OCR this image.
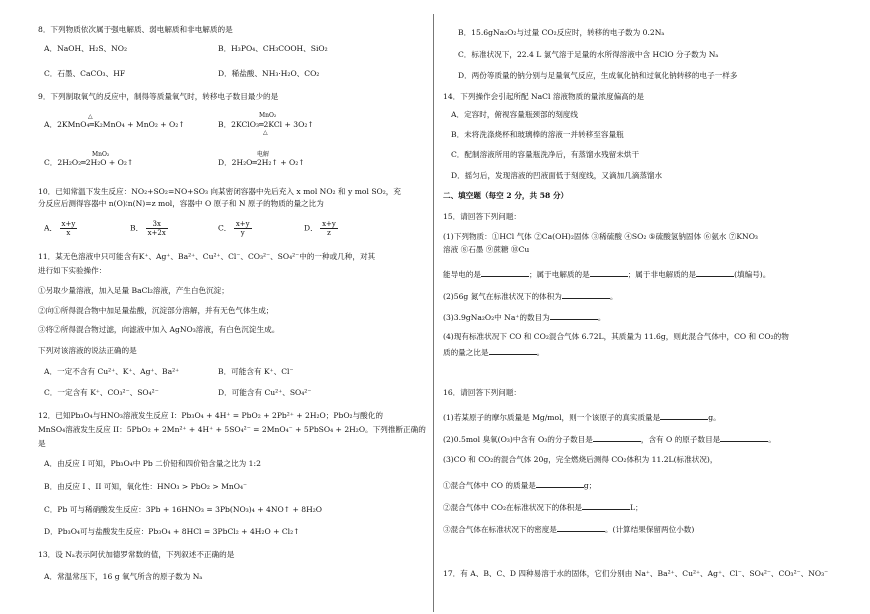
8．下列物质依次属于强电解质、弱电解质和非电解质的是
A．NaOH、H₂S、NO₂	B．H₃PO₄、CH₃COOH、SiO₂
C．石墨、CaCO₃、HF	D．稀盐酸、NH₃·H₂O、CO₂
9．下列制取氧气的反应中，制得等质量氧气时，转移电子数目最少的是
A．2KMnO₄═K₂MnO₄ + MnO₂ + O₂↑
△
B．2KClO₃═2KCl + 3O₂↑
MnO₂
△
C．2H₂O₂═2H₂O + O₂↑
MnO₂
D．2H₂O═2H₂↑ + O₂↑
电解
10．已知常温下发生反应：NO₂+SO₂=NO+SO₃ 向某密闭容器中先后充入 x mol NO₂ 和 y mol SO₂，充
分反应后测得容器中 n(O)∶n(N)=z mol，容器中 O 原子和 N 原子的物质的量之比为
A． $\frac{x+y}{x}$	B． $\frac{3x}{x+2x}$	C． $\frac{x+y}{y}$	D． $\frac{x+y}{z}$
11．某无色溶液中只可能含有K⁺、Ag⁺、Ba²⁺、Cu²⁺、Cl⁻、CO₃²⁻、SO₄²⁻中的一种或几种，对其
进行如下实验操作：
①另取少量溶液，加入足量 BaCl₂溶液，产生白色沉淀；
②向①所得混合物中加足量盐酸，沉淀部分溶解，并有无色气体生成；
③将②所得混合物过滤，向滤液中加入 AgNO₃溶液，有白色沉淀生成。
下列对该溶液的说法正确的是
A．一定不含有 Cu²⁺、K⁺、Ag⁺、Ba²⁺	B．可能含有 K⁺、Cl⁻
C．一定含有 K⁺、CO₃²⁻、SO₄²⁻	D．可能含有 Cu²⁺、SO₄²⁻
12．已知Pb₃O₄与HNO₃溶液发生反应 I：Pb₃O₄ + 4H⁺ = PbO₂ + 2Pb²⁺ + 2H₂O；PbO₂与酸化的
MnSO₄溶液发生反应 II：5PbO₂ + 2Mn²⁺ + 4H⁺ + 5SO₄²⁻ = 2MnO₄⁻ + 5PbSO₄ + 2H₂O。下列推断正确的
是
A．由反应 I 可知，Pb₃O₄中 Pb 二价铅和四价铅含量之比为 1:2
B．由反应 I 、II 可知，氧化性：HNO₃ > PbO₂ > MnO₄⁻
C．Pb 可与稀硝酸发生反应：3Pb + 16HNO₃ = 3Pb(NO₃)₄ + 4NO↑ + 8H₂O
D．Pb₃O₄可与盐酸发生反应：Pb₃O₄ + 8HCl = 3PbCl₂ + 4H₂O + Cl₂↑
13．设 Nₐ表示阿伏加德罗常数的值，下列叙述不正确的是
A．常温常压下，16 g 氧气所含的原子数为 Nₐ
B．15.6gNa₂O₂与过量 CO₂反应时，转移的电子数为 0.2Nₐ
C．标准状况下，22.4 L 氯气溶于足量的水所得溶液中含 HClO 分子数为 Nₐ
D．两份等质量的钠分别与足量氧气反应，生成氧化钠和过氧化钠转移的电子一样多
14．下列操作会引起所配 NaCl 溶液物质的量浓度偏高的是
A．定容时，俯视容量瓶颈部的刻度线
B．未将洗涤烧杯和玻璃棒的溶液一并转移至容量瓶
C．配制溶液所用的容量瓶洗净后，有蒸馏水残留未烘干
D．摇匀后，发现溶液的凹液面低于刻度线，又滴加几滴蒸馏水
二、填空题（每空 2 分，共 58 分）
15．请回答下列问题：
(1)下列物质：①HCl 气体 ②Ca(OH)₂固体 ③稀硫酸 ④SO₂ ⑤硫酸氢钠固体 ⑥氨水 ⑦KNO₃
溶液 ⑧石墨 ⑨蔗糖 ⑩Cu
能导电的是	；属于电解质的是	；属于非电解质的是	(填编号)。
(2)56g 氮气在标准状况下的体积为	。
(3)3.9gNa₂O₂中 Na⁺的数目为	。
(4)现有标准状况下 CO 和 CO₂混合气体 6.72L，其质量为 11.6g，则此混合气体中，CO 和 CO₂的物
质的量之比是	。
16．请回答下列问题：
(1)若某原子的摩尔质量是 Mg/mol，则一个该原子的真实质量是	g。
(2)0.5mol 臭氧(O₃)中含有 O₃的分子数目是	，含有 O 的原子数目是	。
(3)CO 和 CO₂的混合气体 20g，完全燃烧后测得 CO₂体积为 11.2L(标准状况)，
①混合气体中 CO 的质量是	g；
②混合气体中 CO₂在标准状况下的体积是	L；
③混合气体在标准状况下的密度是	。(计算结果保留两位小数)
17．有 A、B、C、D 四种易溶于水的固体，它们分别由 Na⁺、Ba²⁺、Cu²⁺、Ag⁺、Cl⁻、SO₄²⁻、CO₃²⁻、NO₃⁻
